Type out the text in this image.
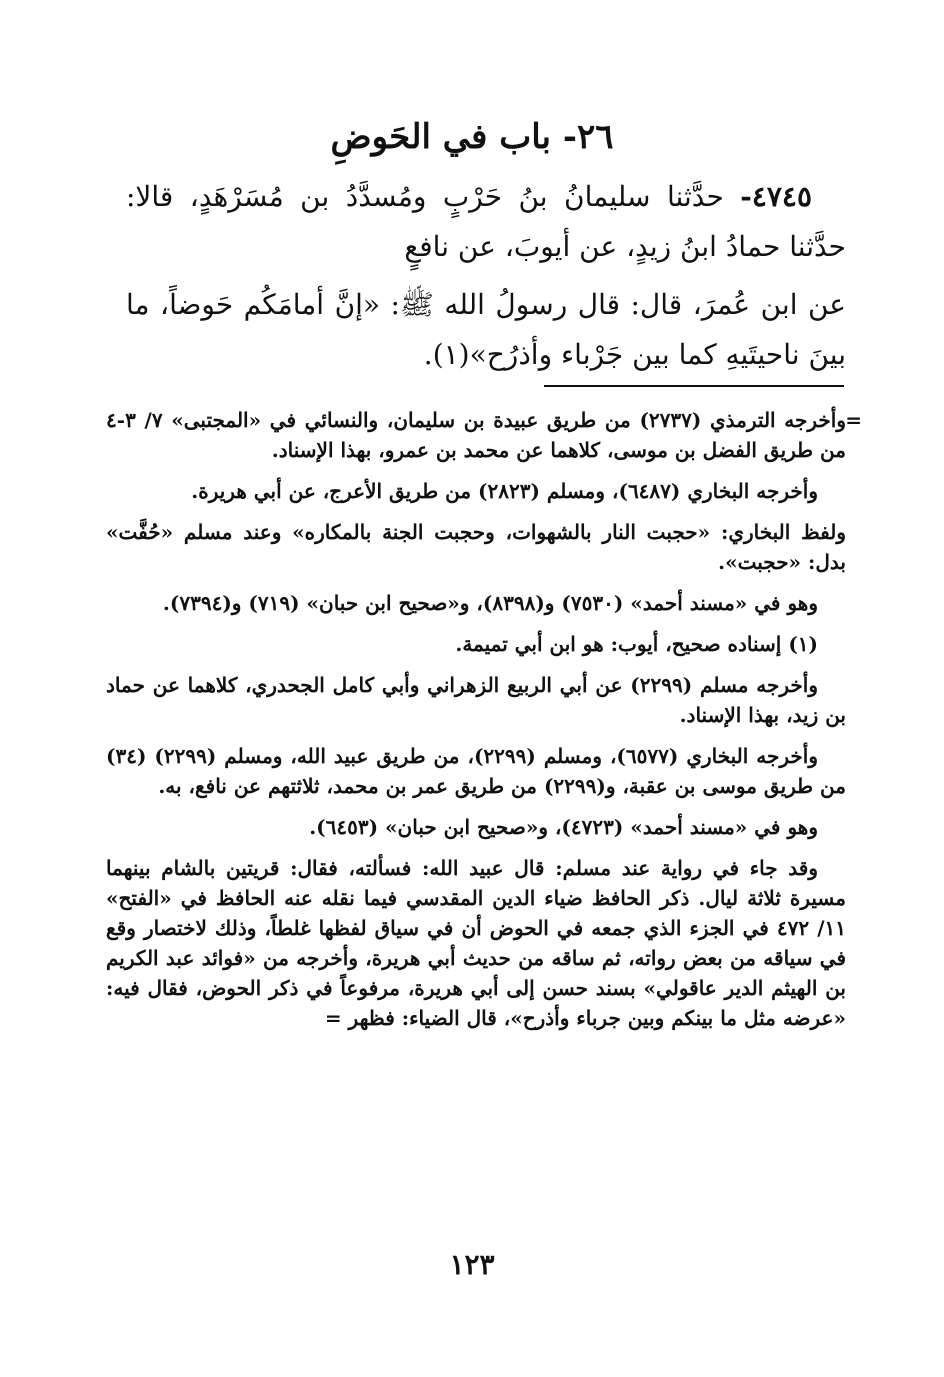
٢٦- باب في الحَوضِ

٤٧٤٥- حدَّثنا سليمانُ بنُ حَرْبٍ ومُسدَّدُ بن مُسَرْهَدٍ، قالا: حدَّثنا حمادُ ابنُ زيدٍ، عن أيوبَ، عن نافعٍ

عن ابن عُمرَ، قال: قال رسولُ الله ﷺ: «إنَّ أمامَكُم حَوضاً، ما بينَ ناحيتَيهِ كما بين جَرْباء وأذرُح»(١).

=

وأخرجه الترمذي (٢٧٣٧) من طريق عبيدة بن سليمان، والنسائي في «المجتبى» ٧/ ٣-٤ من طريق الفضل بن موسى، كلاهما عن محمد بن عمرو، بهذا الإسناد.

وأخرجه البخاري (٦٤٨٧)، ومسلم (٢٨٢٣) من طريق الأعرج، عن أبي هريرة.

ولفظ البخاري: «حجبت النار بالشهوات، وحجبت الجنة بالمكاره» وعند مسلم «حُفَّت» بدل: «حجبت».

وهو في «مسند أحمد» (٧٥٣٠) و(٨٣٩٨)، و«صحيح ابن حبان» (٧١٩) و(٧٣٩٤).

(١) إسناده صحيح، أيوب: هو ابن أبي تميمة.

وأخرجه مسلم (٢٢٩٩) عن أبي الربيع الزهراني وأبي كامل الجحدري، كلاهما عن حماد بن زيد، بهذا الإسناد.

وأخرجه البخاري (٦٥٧٧)، ومسلم (٢٢٩٩)، من طريق عبيد الله، ومسلم (٢٢٩٩) (٣٤) من طريق موسى بن عقبة، و(٢٢٩٩) من طريق عمر بن محمد، ثلاثتهم عن نافع، به.

وهو في «مسند أحمد» (٤٧٢٣)، و«صحيح ابن حبان» (٦٤٥٣).

وقد جاء في رواية عند مسلم: قال عبيد الله: فسألته، فقال: قريتين بالشام بينهما مسيرة ثلاثة ليال. ذكر الحافظ ضياء الدين المقدسي فيما نقله عنه الحافظ في «الفتح» ١١/ ٤٧٢ في الجزء الذي جمعه في الحوض أن في سياق لفظها غلطاً، وذلك لاختصار وقع في سياقه من بعض رواته، ثم ساقه من حديث أبي هريرة، وأخرجه من «فوائد عبد الكريم بن الهيثم الدير عاقولي» بسند حسن إلى أبي هريرة، مرفوعاً في ذكر الحوض، فقال فيه: «عرضه مثل ما بينكم وبين جرباء وأذرح»، قال الضياء: فظهر =

١٢٣
